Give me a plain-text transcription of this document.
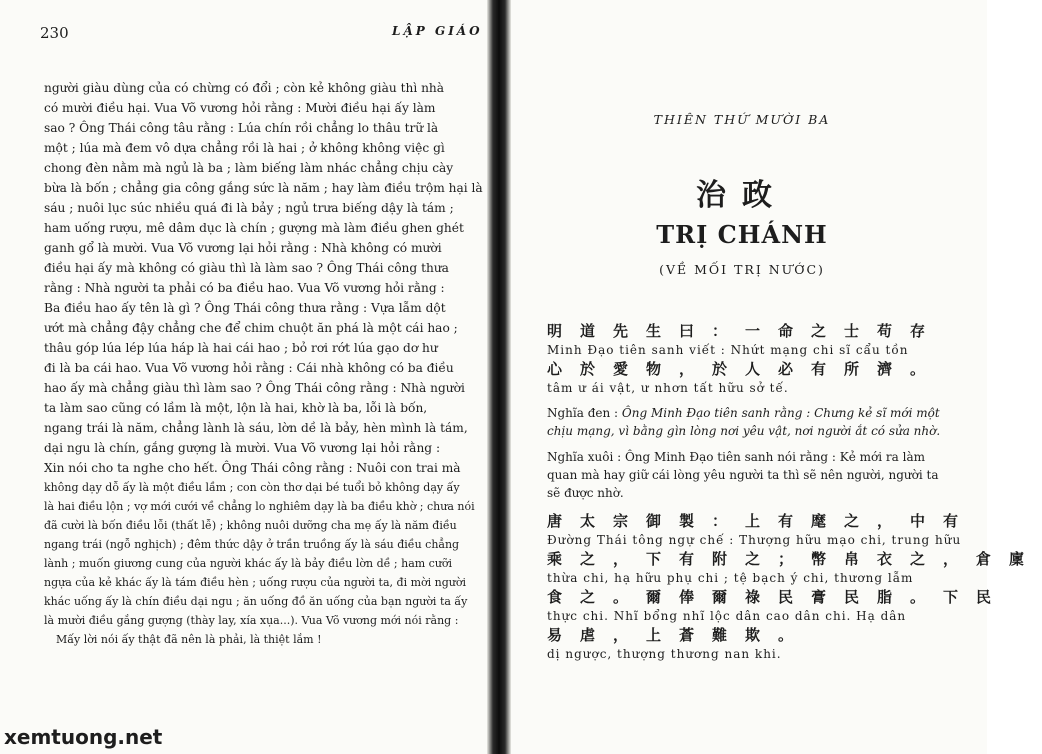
230	LẬP GIÁO

người giàu dùng của có chừng có đổi ; còn kẻ không giàu thì nhà

có mười điều hại. Vua Võ vương hỏi rằng : Mười điều hại ấy làm

sao ? Ông Thái công tâu rằng : Lúa chín rồi chẳng lo thâu trữ là

một ; lúa mà đem vô dựa chẳng rồi là hai ; ở không không việc gì

chong đèn nằm mà ngủ là ba ; làm biếng làm nhác chẳng chịu cày

bừa là bốn ; chẳng gia công gắng sức là năm ; hay làm điều trộm hại là

sáu ; nuôi lục súc nhiều quá đi là bảy ; ngủ trưa biếng dậy là tám ;

ham uống rượu, mê dâm dục là chín ; gượng mà làm điều ghen ghét

ganh gổ là mười. Vua Võ vương lại hỏi rằng : Nhà không có mười

điều hại ấy mà không có giàu thì là làm sao ? Ông Thái công thưa

rằng : Nhà người ta phải có ba điều hao. Vua Võ vương hỏi rằng :

Ba điều hao ấy tên là gì ? Ông Thái công thưa rằng : Vựa lẫm dột

ướt mà chẳng đậy chẳng che để chim chuột ăn phá là một cái hao ;

thâu góp lúa lép lúa háp là hai cái hao ; bỏ rơi rớt lúa gạo dơ hư

đi là ba cái hao. Vua Võ vương hỏi rằng : Cái nhà không có ba điều

hao ấy mà chẳng giàu thì làm sao ? Ông Thái công rằng : Nhà người

ta làm sao cũng có lầm là một, lộn là hai, khờ là ba, lỗi là bốn,

ngang trái là năm, chẳng lành là sáu, lờn dề là bảy, hèn mình là tám,

dại ngu là chín, gắng gượng là mười. Vua Võ vương lại hỏi rằng :

Xin nói cho ta nghe cho hết. Ông Thái công rằng : Nuôi con trai mà

không dạy dỗ ấy là một điều lầm ; con còn thơ dại bé tuổi bỏ không dạy ấy

là hai điều lộn ; vợ mới cưới về chẳng lo nghiêm dạy là ba điều khờ ; chưa nói

đã cười là bốn điều lỗi (thất lễ) ; không nuôi dưỡng cha mẹ ấy là năm điều

ngang trái (ngỗ nghịch) ; đêm thức dậy ở trần truồng ấy là sáu điều chẳng

lành ; muốn giương cung của người khác ấy là bảy điều lờn dề ; ham cưỡi

ngựa của kẻ khác ấy là tám điều hèn ; uống rượu của người ta, đi mời người

khác uống ấy là chín điều dại ngu ; ăn uống đồ ăn uống của bạn người ta ấy

là mười điều gắng gượng (thày lay, xía xụa...). Vua Võ vương mới nói rằng :

Mấy lời nói ấy thật đã nên là phải, là thiệt lắm !

THIÊN THỨ MƯỜI BA
治政
TRỊ CHÁNH
(VỀ MỐI TRỊ NƯỚC)
明道先生曰：一命之士苟存
Minh Đạo tiên sanh viết : Nhứt mạng chi sĩ cẩu tồn
心於愛物，於人必有所濟。
tâm ư ái vật, ư nhơn tất hữu sở tế.
Nghĩa đen : Ông Minh Đạo tiên sanh rằng : Chưng kẻ sĩ mới một chịu mạng, vì bằng gìn lòng nơi yêu vật, nơi người ắt có sửa nhờ.
Nghĩa xuôi : Ông Minh Đạo tiên sanh nói rằng : Kẻ mới ra làm quan mà hay giữ cái lòng yêu người ta thì sẽ nên người, người ta sẽ được nhờ.
唐太宗御製：上有麾之，中有
Đường Thái tông ngự chế : Thượng hữu mạo chi, trung hữu
乘之，下有附之；幣帛衣之，倉廩
thừa chi, hạ hữu phụ chi ; tệ bạch ý chi, thương lẫm
食之。爾俸爾祿民膏民脂。下民
thực chi. Nhĩ bổng nhĩ lộc dân cao dân chi. Hạ dân
易虐，上蒼難欺。
dị ngược, thượng thương nan khi.
xemtuong.net
